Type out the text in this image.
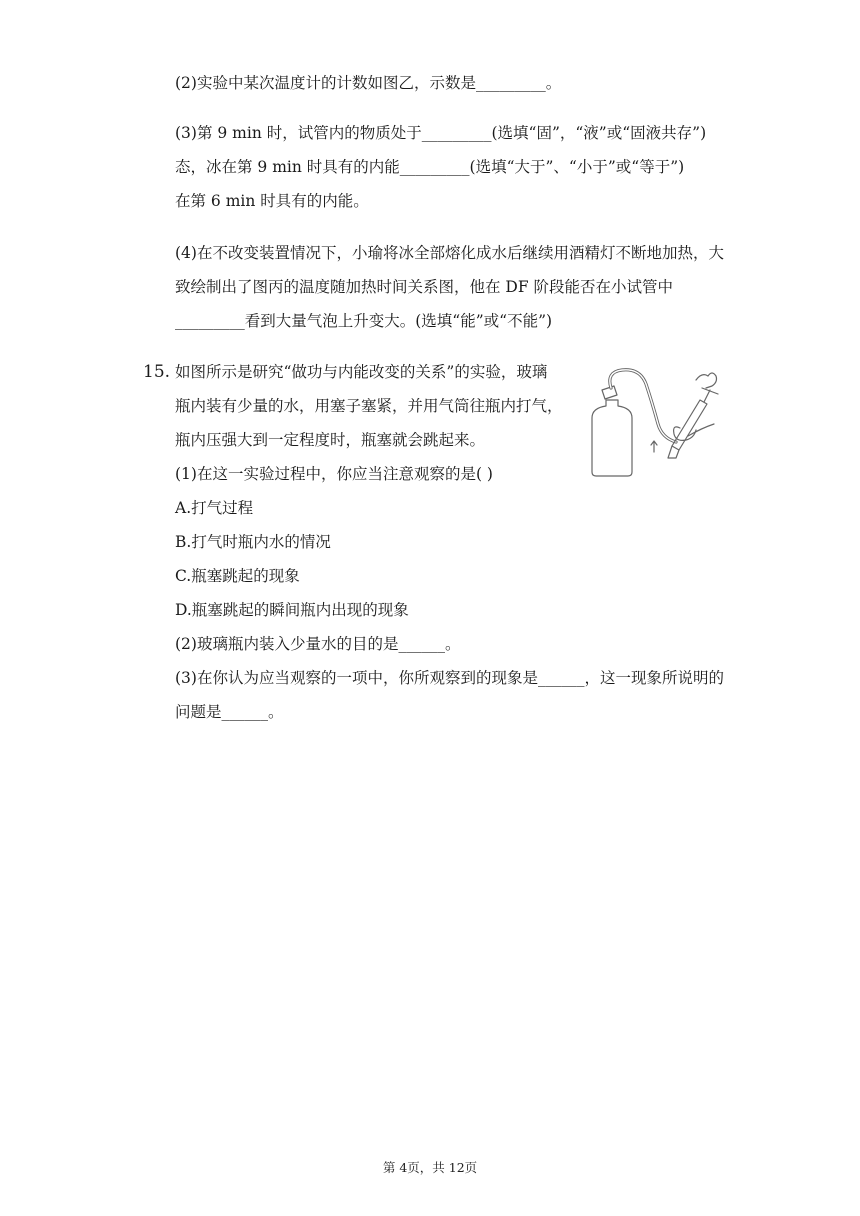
(2)实验中某次温度计的计数如图乙，示数是_________。
(3)第 9 min 时，试管内的物质处于_________(选填“固”，“液”或“固液共存”)
态，冰在第 9 min 时具有的内能_________(选填“大于”、“小于”或“等于”)
在第 6 min 时具有的内能。
(4)在不改变装置情况下，小瑜将冰全部熔化成水后继续用酒精灯不断地加热，大
致绘制出了图丙的温度随加热时间关系图，他在 DF 阶段能否在小试管中
_________看到大量气泡上升变大。(选填“能”或“不能”)
15. 如图所示是研究“做功与内能改变的关系”的实验，玻璃
瓶内装有少量的水，用塞子塞紧，并用气筒往瓶内打气，
瓶内压强大到一定程度时，瓶塞就会跳起来。
(1)在这一实验过程中，你应当注意观察的是( )
A.打气过程
B.打气时瓶内水的情况
C.瓶塞跳起的现象
D.瓶塞跳起的瞬间瓶内出现的现象
(2)玻璃瓶内装入少量水的目的是______。
(3)在你认为应当观察的一项中，你所观察到的现象是______，这一现象所说明的
问题是______。
第 4页，共 12页
